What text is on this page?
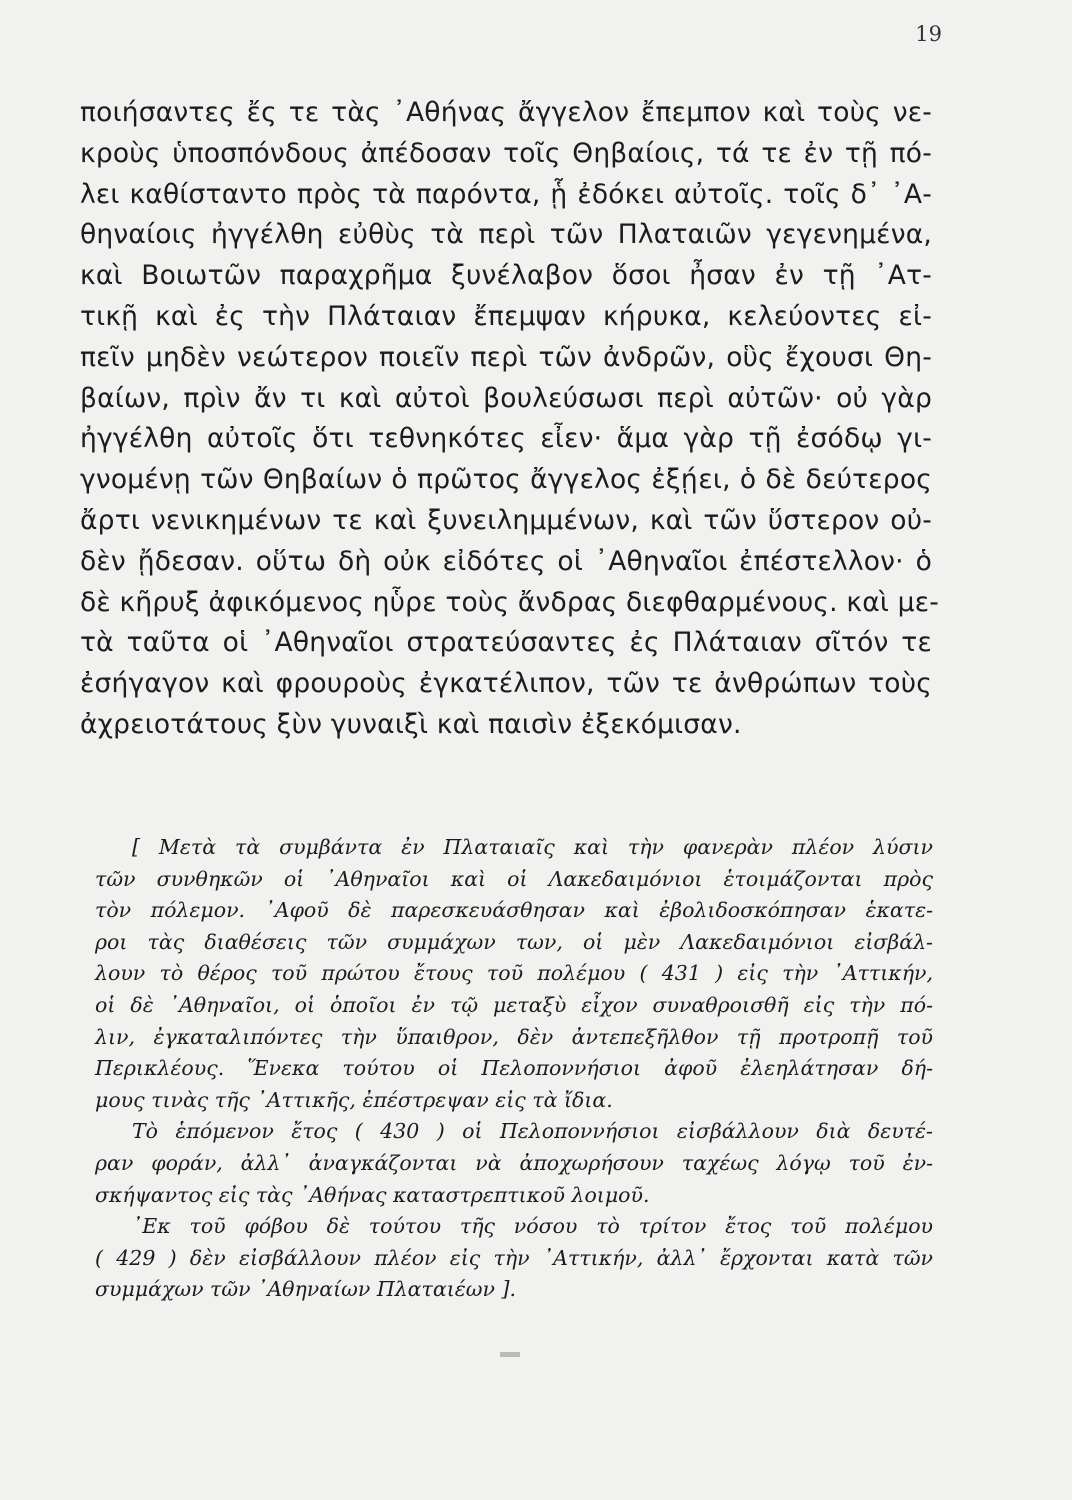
19
ποιήσαντες ἔς τε τὰς ᾿Αθήνας ἄγγελον ἔπεμπον καὶ τοὺς νε-
κροὺς ὑποσπόνδους ἀπέδοσαν τοῖς Θηβαίοις, τά τε ἐν τῇ πό-
λει καθίσταντο πρὸς τὰ παρόντα, ᾗ ἐδόκει αὐτοῖς. τοῖς δ᾿ ᾿Α-
θηναίοις ἠγγέλθη εὐθὺς τὰ περὶ τῶν Πλαταιῶν γεγενημένα,
καὶ Βοιωτῶν παραχρῆμα ξυνέλαβον ὅσοι ἦσαν ἐν τῇ ᾿Ατ-
τικῇ καὶ ἐς τὴν Πλάταιαν ἔπεμψαν κήρυκα, κελεύοντες εἰ-
πεῖν μηδὲν νεώτερον ποιεῖν περὶ τῶν ἀνδρῶν, οὓς ἔχουσι Θη-
βαίων, πρὶν ἄν τι καὶ αὐτοὶ βουλεύσωσι περὶ αὐτῶν· οὐ γὰρ
ἠγγέλθη αὐτοῖς ὅτι τεθνηκότες εἶεν· ἅμα γὰρ τῇ ἐσόδῳ γι-
γνομένῃ τῶν Θηβαίων ὁ πρῶτος ἄγγελος ἐξῄει, ὁ δὲ δεύτερος
ἄρτι νενικημένων τε καὶ ξυνειλημμένων, καὶ τῶν ὕστερον οὐ-
δὲν ᾔδεσαν. οὕτω δὴ οὐκ εἰδότες οἱ ᾿Αθηναῖοι ἐπέστελλον· ὁ
δὲ κῆρυξ ἀφικόμενος ηὗρε τοὺς ἄνδρας διεφθαρμένους. καὶ με-
τὰ ταῦτα οἱ ᾿Αθηναῖοι στρατεύσαντες ἐς Πλάταιαν σῖτόν τε
ἐσήγαγον καὶ φρουροὺς ἐγκατέλιπον, τῶν τε ἀνθρώπων τοὺς
ἀχρειοτάτους ξὺν γυναιξὶ καὶ παισὶν ἐξεκόμισαν.
[ Μετὰ τὰ συμβάντα ἐν Πλαταιαῖς καὶ τὴν φανερὰν πλέον λύσιν
τῶν συνθηκῶν οἱ ᾿Αθηναῖοι καὶ οἱ Λακεδαιμόνιοι ἑτοιμάζονται πρὸς
τὸν πόλεμον. ᾿Αφοῦ δὲ παρεσκευάσθησαν καὶ ἐβολιδοσκόπησαν ἑκατε-
ροι τὰς διαθέσεις τῶν συμμάχων των, οἱ μὲν Λακεδαιμόνιοι εἰσβάλ-
λουν τὸ θέρος τοῦ πρώτου ἔτους τοῦ πολέμου ( 431 ) εἰς τὴν ᾿Αττικήν,
οἱ δὲ ᾿Αθηναῖοι, οἱ ὁποῖοι ἐν τῷ μεταξὺ εἶχον συναθροισθῆ εἰς τὴν πό-
λιν, ἐγκαταλιπόντες τὴν ὕπαιθρον, δὲν ἀντεπεξῆλθον τῇ προτροπῇ τοῦ
Περικλέους. Ἕνεκα τούτου οἱ Πελοποννήσιοι ἀφοῦ ἐλεηλάτησαν δή-
μους τινὰς τῆς ᾿Αττικῆς, ἐπέστρεψαν εἰς τὰ ἴδια.
Τὸ ἑπόμενον ἔτος ( 430 ) οἱ Πελοποννήσιοι εἰσβάλλουν διὰ δευτέ-
ραν φοράν, ἀλλ᾿ ἀναγκάζονται νὰ ἀποχωρήσουν ταχέως λόγῳ τοῦ ἐν-
σκήψαντος εἰς τὰς ᾿Αθήνας καταστρεπτικοῦ λοιμοῦ.
᾿Εκ τοῦ φόβου δὲ τούτου τῆς νόσου τὸ τρίτον ἔτος τοῦ πολέμου
( 429 ) δὲν εἰσβάλλουν πλέον εἰς τὴν ᾿Αττικήν, ἀλλ᾿ ἔρχονται κατὰ τῶν
συμμάχων τῶν ᾿Αθηναίων Πλαταιέων ].
